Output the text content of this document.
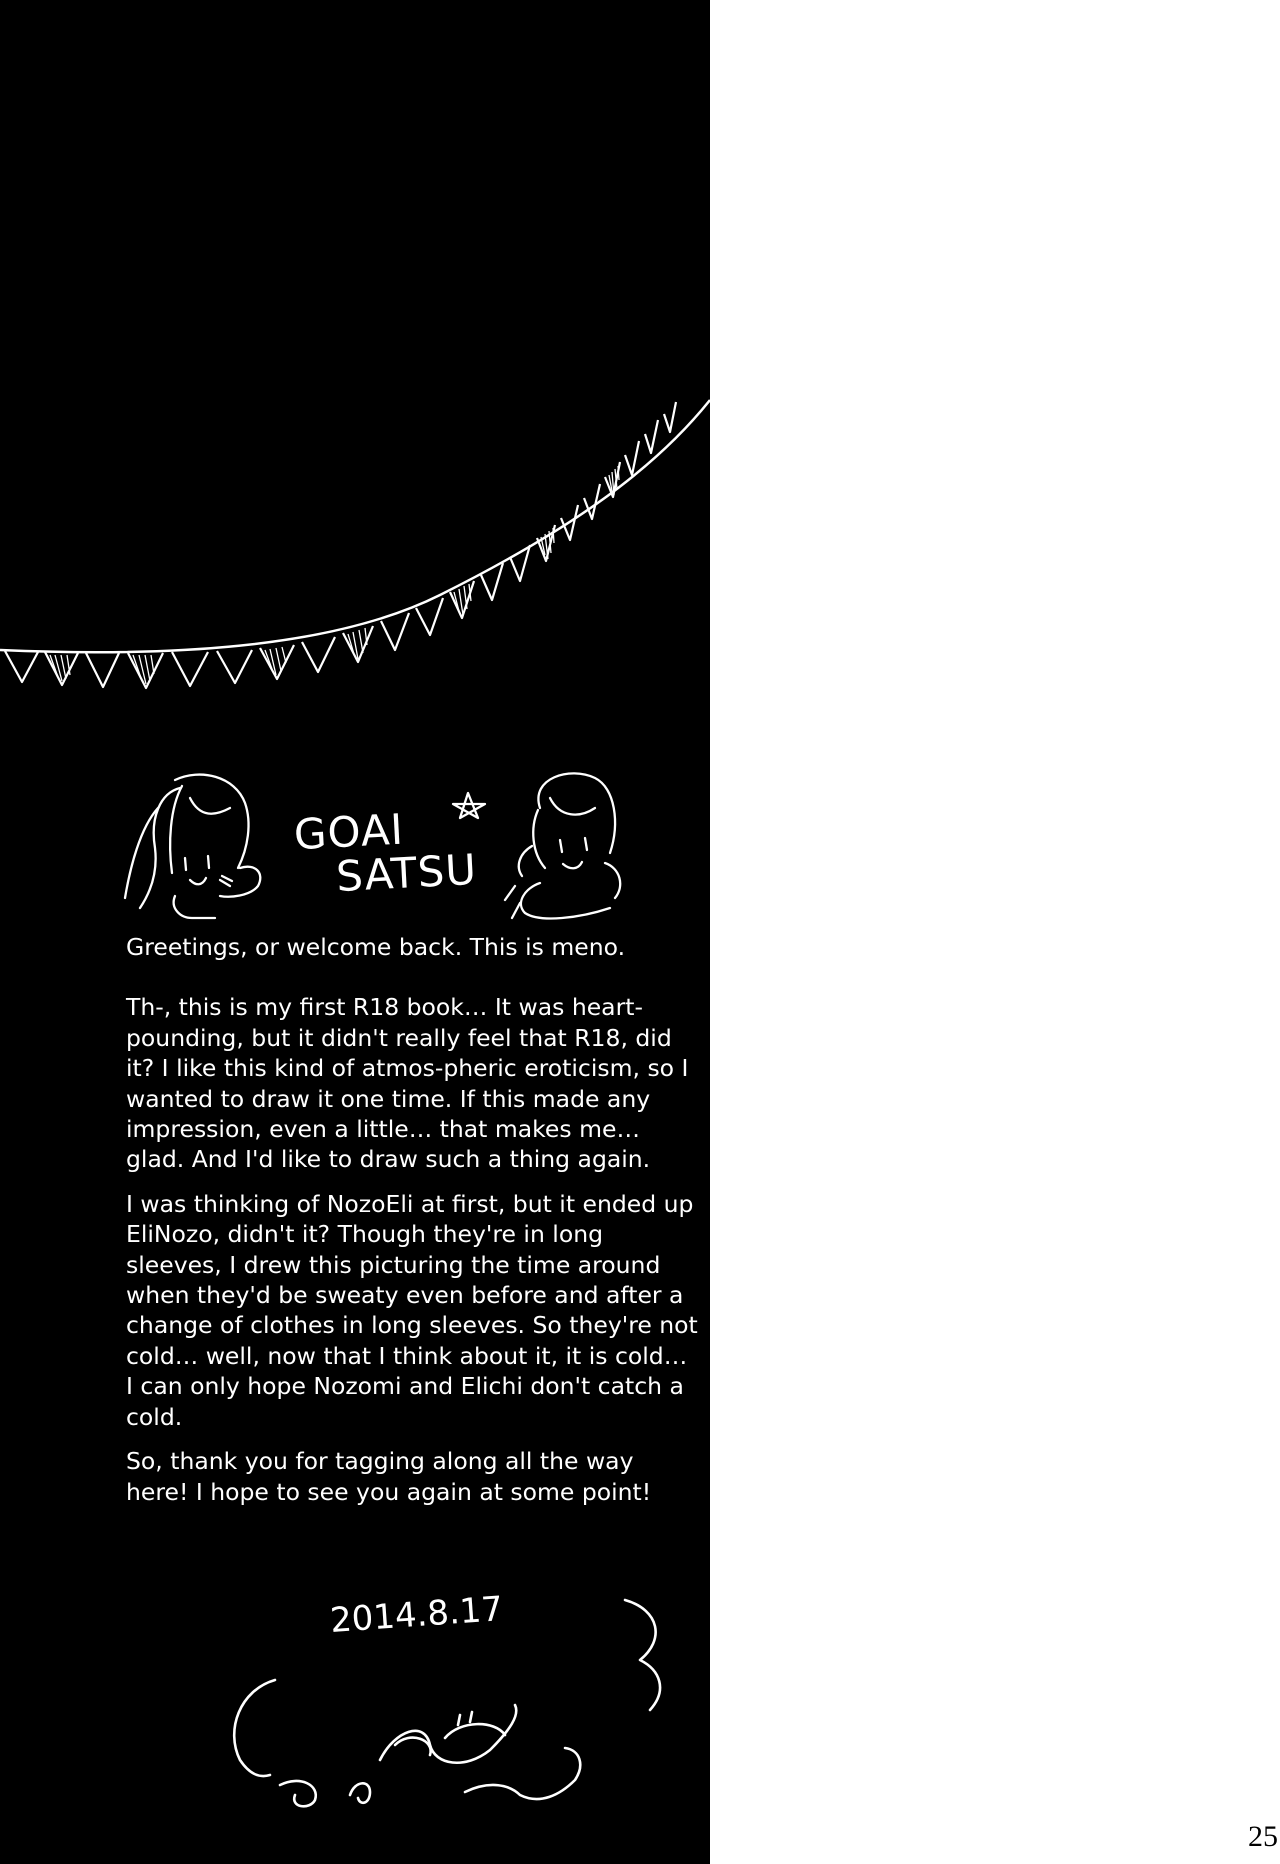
GOAI
SATSU

Greetings, or welcome back. This is meno.

Th-, this is my first R18 book… It was heart-pounding, but it didn't really feel that R18, did it? I like this kind of atmos-pheric eroticism, so I wanted to draw it one time. If this made any impression, even a little… that makes me… glad. And I'd like to draw such a thing again.

I was thinking of NozoEli at first, but it ended up EliNozo, didn't it? Though they're in long sleeves, I drew this picturing the time around when they'd be sweaty even before and after a change of clothes in long sleeves. So they're not cold… well, now that I think about it, it is cold… I can only hope Nozomi and Elichi don't catch a cold.

So, thank you for tagging along all the way here! I hope to see you again at some point!

2014.8.17
25
